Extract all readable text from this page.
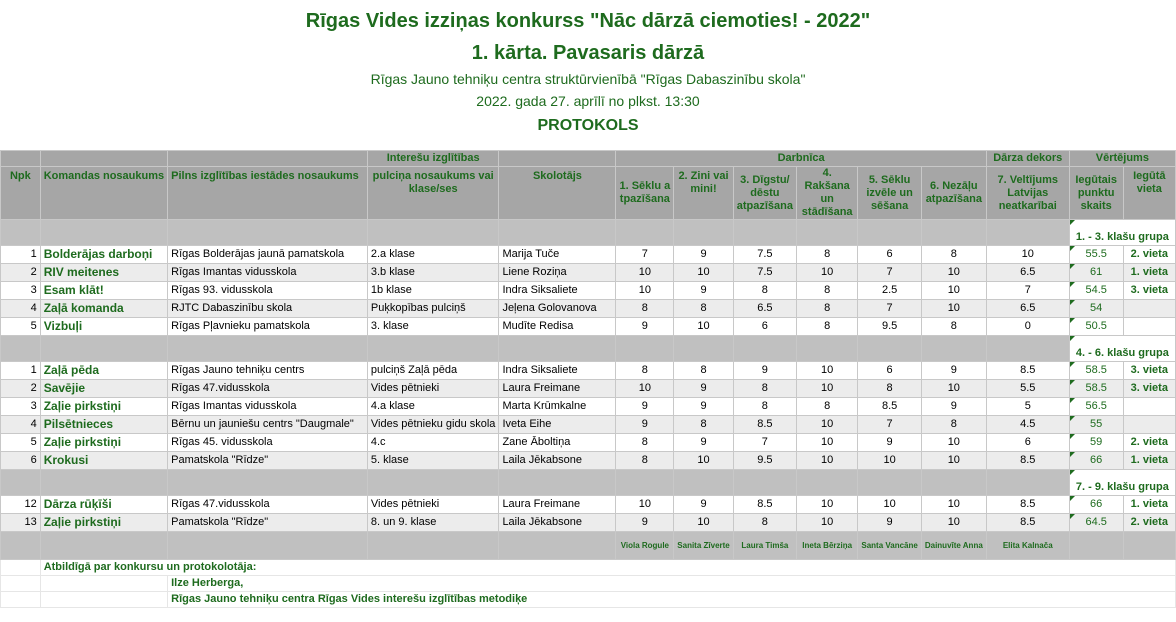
Rīgas Vides izziņas konkurss "Nāc dārzā ciemoties! - 2022"
1. kārta. Pavasaris dārzā
Rīgas Jauno tehniķu centra struktūrvienībā "Rīgas Dabaszinību skola"
2022. gada 27. aprīlī no plkst. 13:30
PROTOKOLS
			Interešu izglītības		Darbnīca						Dārza dekors	Vērtējums	
Npk	Komandas nosaukums	Pilns izglītības iestādes nosaukums	pulciņa nosaukums vai klase/ses	Skolotājs	1. Sēklu atpazīšana	2. Zini vai mini!	3. Dīgstu/ dēstu atpazīšana	4. Rakšana un stādīšana	5. Sēklu izvēle un sēšana	6. Nezāļu atpazīšana	7. Veltījums Latvijas neatkarībai	Iegūtais punktu skaits	Iegūtā vieta
												1. - 3. klašu grupa	
1	Bolderājas darboņi	Rīgas Bolderājas jaunā pamatskola	2.a klase	Marija Tuče	7	9	7.5	8	6	8	10	55.5	2. vieta
2	RIV meitenes	Rīgas Imantas vidusskola	3.b klase	Liene Roziņa	10	10	7.5	10	7	10	6.5	61	1. vieta
3	Esam klāt!	Rīgas 93. vidusskola	1b klase	Indra Siksaliete	10	9	8	8	2.5	10	7	54.5	3. vieta
4	Zaļā komanda	RJTC Dabaszinību skola	Puķkopības pulciņš	Jeļena Golovanova	8	8	6.5	8	7	10	6.5	54	
5	Vizbuļi	Rīgas Pļavnieku pamatskola	3. klase	Mudīte Redisa	9	10	6	8	9.5	8	0	50.5	
												4. - 6. klašu grupa	
1	Zaļā pēda	Rīgas Jauno tehniķu centrs	pulciņš Zaļā pēda	Indra Siksaliete	8	8	9	10	6	9	8.5	58.5	3. vieta
2	Savējie	Rīgas 47.vidusskola	Vides pētnieki	Laura Freimane	10	9	8	10	8	10	5.5	58.5	3. vieta
3	Zaļie pirkstiņi	Rīgas Imantas vidusskola	4.a klase	Marta Krūmkalne	9	9	8	8	8.5	9	5	56.5	
4	Pilsētnieces	Bērnu un jauniešu centrs "Daugmale"	Vides pētnieku gidu skola	Iveta Eihe	9	8	8.5	10	7	8	4.5	55	
5	Zaļie pirkstiņi	Rīgas 45. vidusskola	4.c	Zane Āboltiņa	8	9	7	10	9	10	6	59	2. vieta
6	Krokusi	Pamatskola "Rīdze"	5. klase	Laila Jēkabsone	8	10	9.5	10	10	10	8.5	66	1. vieta
												7. - 9. klašu grupa	
12	Dārza rūķīši	Rīgas 47.vidusskola	Vides pētnieki	Laura Freimane	10	9	8.5	10	10	10	8.5	66	1. vieta
13	Zaļie pirkstiņi	Pamatskola "Rīdze"	8. un 9. klase	Laila Jēkabsone	9	10	8	10	9	10	8.5	64.5	2. vieta
					Viola Rogule	Sanita Zīverte	Laura Timša	Ineta Bērziņa	Santa Vancāne	Dainuvīte Anna	Elita Kalnača		
	Atbildīgā par konkursu un protokolotāja:												
		Ilze Herberga,											
		Rīgas Jauno tehniķu centra Rīgas Vides interešu izglītības metodiķe											
